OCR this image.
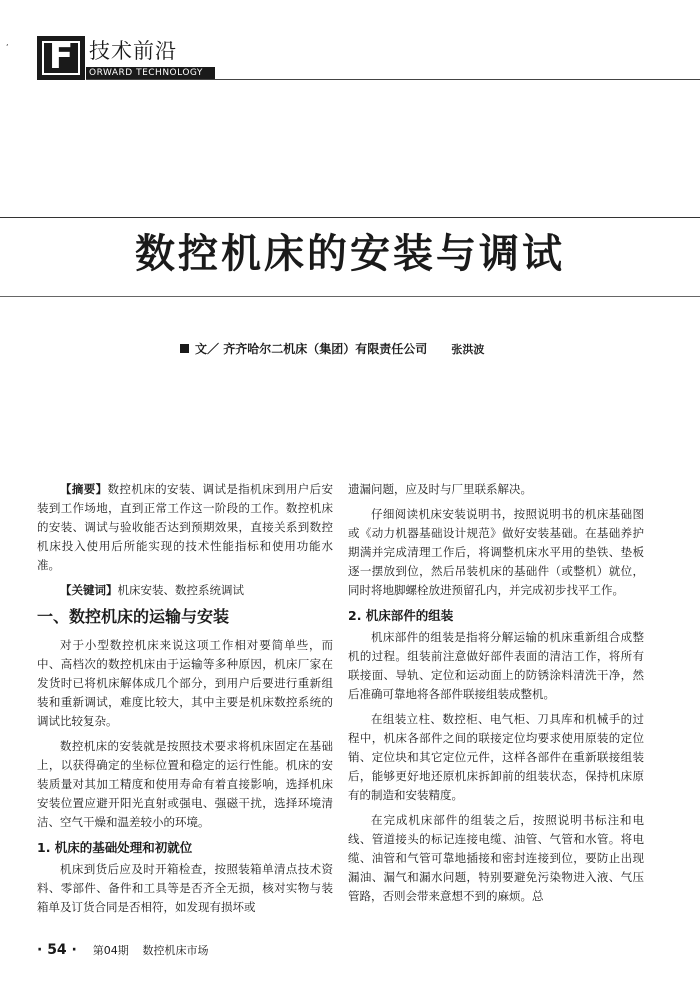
, F 技术前沿
ORWARD TECHNOLOGY
数控机床的安装与调试
文／ 齐齐哈尔二机床（集团）有限责任公司 张洪波

【摘要】数控机床的安装、调试是指机床到用户后安装到工作场地，直到正常工作这一阶段的工作。数控机床的安装、调试与验收能否达到预期效果，直接关系到数控机床投入使用后所能实现的技术性能指标和使用功能水准。

【关键词】机床安装、数控系统调试

一、数控机床的运输与安装

对于小型数控机床来说这项工作相对要简单些，而中、高档次的数控机床由于运输等多种原因，机床厂家在发货时已将机床解体成几个部分，到用户后要进行重新组装和重新调试，难度比较大，其中主要是机床数控系统的调试比较复杂。

数控机床的安装就是按照技术要求将机床固定在基础上，以获得确定的坐标位置和稳定的运行性能。机床的安装质量对其加工精度和使用寿命有着直接影响，选择机床安装位置应避开阳光直射或强电、强磁干扰，选择环境清洁、空气干燥和温差较小的环境。

1. 机床的基础处理和初就位

机床到货后应及时开箱检查，按照装箱单清点技术资料、零部件、备件和工具等是否齐全无损，核对实物与装箱单及订货合同是否相符，如发现有损坏或

遗漏问题，应及时与厂里联系解决。

仔细阅读机床安装说明书，按照说明书的机床基础图或《动力机器基础设计规范》做好安装基础。在基础养护期满并完成清理工作后，将调整机床水平用的垫铁、垫板逐一摆放到位，然后吊装机床的基础件（或整机）就位，同时将地脚螺栓放进预留孔内，并完成初步找平工作。

2. 机床部件的组装

机床部件的组装是指将分解运输的机床重新组合成整机的过程。组装前注意做好部件表面的清洁工作，将所有联接面、导轨、定位和运动面上的防锈涂料清洗干净，然后准确可靠地将各部件联接组装成整机。

在组装立柱、数控柜、电气柜、刀具库和机械手的过程中，机床各部件之间的联接定位均要求使用原装的定位销、定位块和其它定位元件，这样各部件在重新联接组装后，能够更好地还原机床拆卸前的组装状态，保持机床原有的制造和安装精度。

在完成机床部件的组装之后，按照说明书标注和电线、管道接头的标记连接电缆、油管、气管和水管。将电缆、油管和气管可靠地插接和密封连接到位，要防止出现漏油、漏气和漏水问题，特别要避免污染物进入液、气压管路，否则会带来意想不到的麻烦。总

· 54 · 第04期 数控机床市场
